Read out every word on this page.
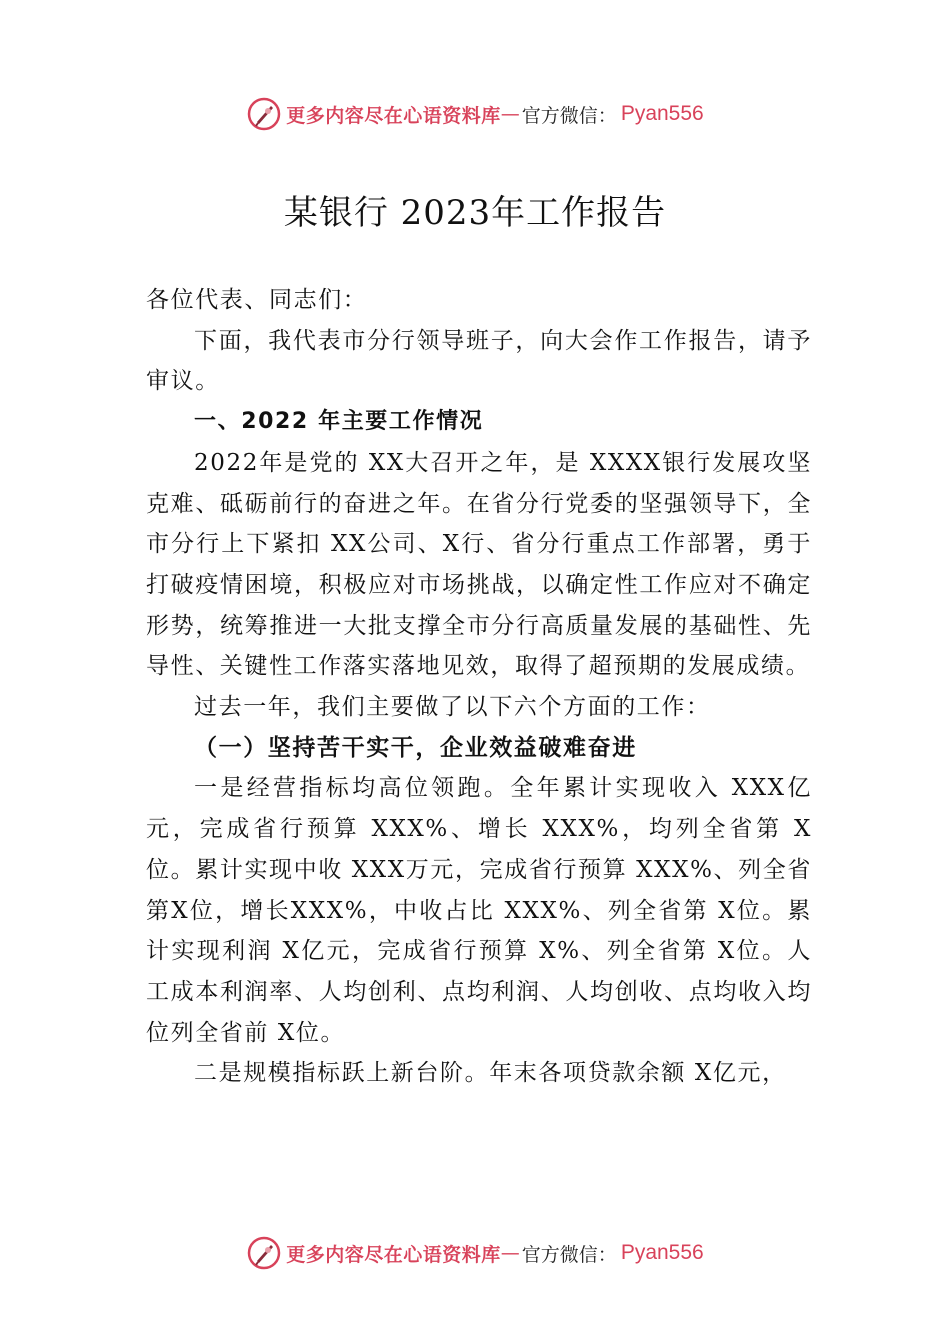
更多内容尽在心语资料库 — 官方微信： Pyan556
某银行 2023年工作报告

各位代表、同志们：

下面，我代表市分行领导班子，向大会作工作报告，请予审议。

一、2022 年主要工作情况

2022年是党的 XX大召开之年，是 XXXX银行发展攻坚克难、砥砺前行的奋进之年。在省分行党委的坚强领导下，全市分行上下紧扣 XX公司、X行、省分行重点工作部署，勇于打破疫情困境，积极应对市场挑战，以确定性工作应对不确定形势，统筹推进一大批支撑全市分行高质量发展的基础性、先导性、关键性工作落实落地见效，取得了超预期的发展成绩。

过去一年，我们主要做了以下六个方面的工作：

（一）坚持苦干实干，企业效益破难奋进

一是经营指标均高位领跑。全年累计实现收入 XXX亿元，完成省行预算 XXX%、增长 XXX%，均列全省第 X位。累计实现中收 XXX万元，完成省行预算 XXX%、列全省第X位，增长XXX%，中收占比 XXX%、列全省第 X位。累计实现利润 X亿元，完成省行预算 X%、列全省第 X位。人工成本利润率、人均创利、点均利润、人均创收、点均收入均位列全省前 X位。

二是规模指标跃上新台阶。年末各项贷款余额 X亿元，

更多内容尽在心语资料库 — 官方微信： Pyan556
